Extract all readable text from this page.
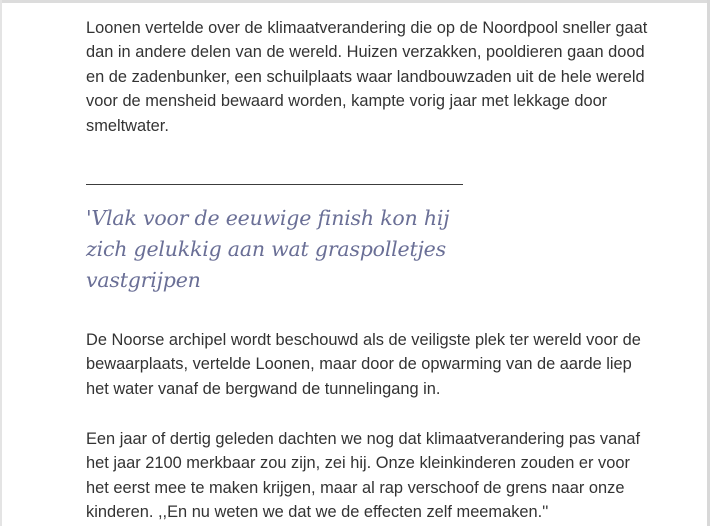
Loonen vertelde over de klimaatverandering die op de Noordpool sneller gaat
dan in andere delen van de wereld. Huizen verzakken, pooldieren gaan dood
en de zadenbunker, een schuilplaats waar landbouwzaden uit de hele wereld
voor de mensheid bewaard worden, kampte vorig jaar met lekkage door
smeltwater.

'Vlak voor de eeuwige finish kon hij
zich gelukkig aan wat graspolletjes
vastgrijpen

De Noorse archipel wordt beschouwd als de veiligste plek ter wereld voor de
bewaarplaats, vertelde Loonen, maar door de opwarming van de aarde liep
het water vanaf de bergwand de tunnelingang in.

Een jaar of dertig geleden dachten we nog dat klimaatverandering pas vanaf
het jaar 2100 merkbaar zou zijn, zei hij. Onze kleinkinderen zouden er voor
het eerst mee te maken krijgen, maar al rap verschoof de grens naar onze
kinderen. ,,En nu weten we dat we de effecten zelf meemaken.''
